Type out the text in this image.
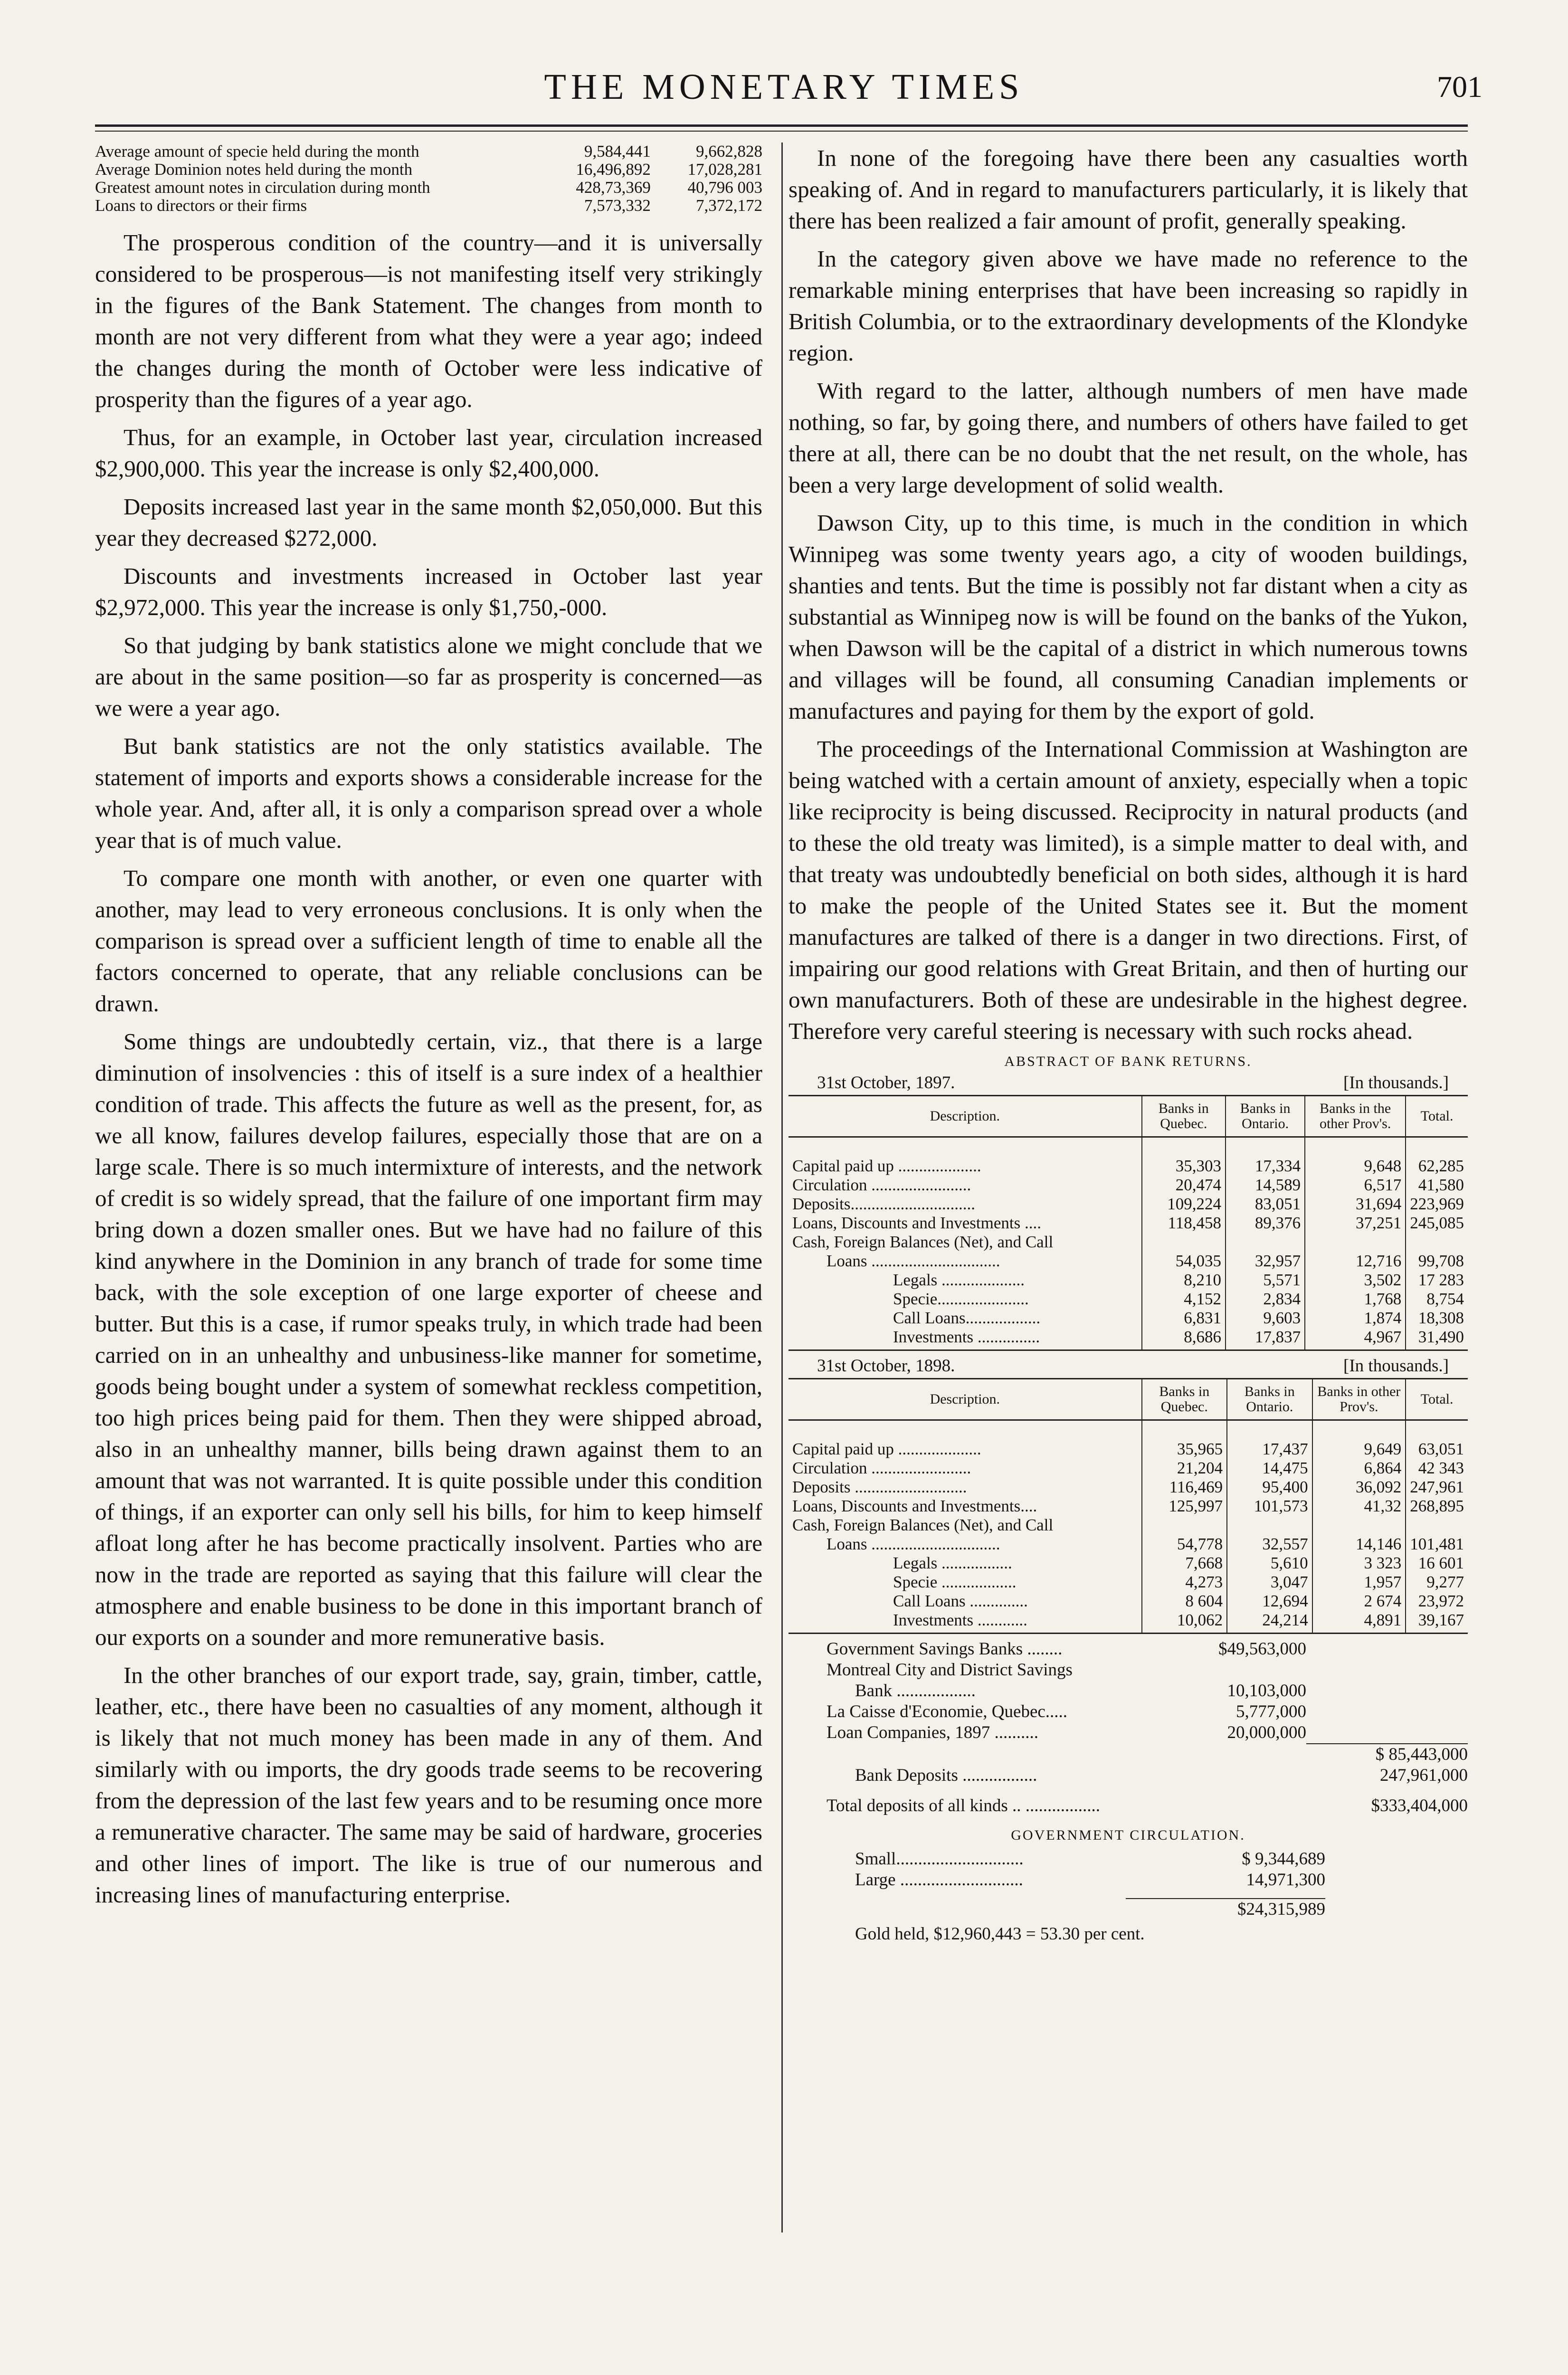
THE MONETARY TIMES	701
Average amount of specie held during the month	9,584,441	9,662,828
Average Dominion notes held during the month	16,496,892	17,028,281
Greatest amount notes in circulation during month	428,73,369	40,796 003
Loans to directors or their firms	7,573,332	7,372,172

The prosperous condition of the country—and it is universally considered to be prosperous—is not manifesting itself very strikingly in the figures of the Bank Statement. The changes from month to month are not very different from what they were a year ago; indeed the changes during the month of October were less indicative of prosperity than the figures of a year ago.

Thus, for an example, in October last year, circulation increased $2,900,000. This year the increase is only $2,400,000.

Deposits increased last year in the same month $2,050,000. But this year they decreased $272,000.

Discounts and investments increased in October last year $2,972,000. This year the increase is only $1,750,-000.

So that judging by bank statistics alone we might conclude that we are about in the same position—so far as prosperity is concerned—as we were a year ago.

But bank statistics are not the only statistics available. The statement of imports and exports shows a considerable increase for the whole year. And, after all, it is only a comparison spread over a whole year that is of much value.

To compare one month with another, or even one quarter with another, may lead to very erroneous conclusions. It is only when the comparison is spread over a sufficient length of time to enable all the factors concerned to operate, that any reliable conclusions can be drawn.

Some things are undoubtedly certain, viz., that there is a large diminution of insolvencies : this of itself is a sure index of a healthier condition of trade. This affects the future as well as the present, for, as we all know, failures develop failures, especially those that are on a large scale. There is so much intermixture of interests, and the network of credit is so widely spread, that the failure of one important firm may bring down a dozen smaller ones. But we have had no failure of this kind anywhere in the Dominion in any branch of trade for some time back, with the sole exception of one large exporter of cheese and butter. But this is a case, if rumor speaks truly, in which trade had been carried on in an unhealthy and unbusiness-like manner for sometime, goods being bought under a system of somewhat reckless competition, too high prices being paid for them. Then they were shipped abroad, also in an unhealthy manner, bills being drawn against them to an amount that was not warranted. It is quite possible under this condition of things, if an exporter can only sell his bills, for him to keep himself afloat long after he has become practically insolvent. Parties who are now in the trade are reported as saying that this failure will clear the atmosphere and enable business to be done in this important branch of our exports on a sounder and more remunerative basis.

In the other branches of our export trade, say, grain, timber, cattle, leather, etc., there have been no casualties of any moment, although it is likely that not much money has been made in any of them. And similarly with ou imports, the dry goods trade seems to be recovering from the depression of the last few years and to be resuming once more a remunerative character. The same may be said of hardware, groceries and other lines of import. The like is true of our numerous and increasing lines of manufacturing enterprise.

In none of the foregoing have there been any casualties worth speaking of. And in regard to manufacturers particularly, it is likely that there has been realized a fair amount of profit, generally speaking.

In the category given above we have made no reference to the remarkable mining enterprises that have been increasing so rapidly in British Columbia, or to the extraordinary developments of the Klondyke region.

With regard to the latter, although numbers of men have made nothing, so far, by going there, and numbers of others have failed to get there at all, there can be no doubt that the net result, on the whole, has been a very large development of solid wealth.

Dawson City, up to this time, is much in the condition in which Winnipeg was some twenty years ago, a city of wooden buildings, shanties and tents. But the time is possibly not far distant when a city as substantial as Winnipeg now is will be found on the banks of the Yukon, when Dawson will be the capital of a district in which numerous towns and villages will be found, all consuming Canadian implements or manufactures and paying for them by the export of gold.

The proceedings of the International Commission at Washington are being watched with a certain amount of anxiety, especially when a topic like reciprocity is being discussed. Reciprocity in natural products (and to these the old treaty was limited), is a simple matter to deal with, and that treaty was undoubtedly beneficial on both sides, although it is hard to make the people of the United States see it. But the moment manufactures are talked of there is a danger in two directions. First, of impairing our good relations with Great Britain, and then of hurting our own manufacturers. Both of these are undesirable in the highest degree. Therefore very careful steering is necessary with such rocks ahead.

ABSTRACT OF BANK RETURNS.
31st October, 1897.	[In thousands.]
Description.	Banks in Quebec.	Banks in Ontario.	Banks in the other Prov's.	Total.
Capital paid up ....................	35,303	17,334	9,648	62,285
Circulation ........................	20,474	14,589	6,517	41,580
Deposits..............................	109,224	83,051	31,694	223,969
Loans, Discounts and Investments ....	118,458	89,376	37,251	245,085
Cash, Foreign Balances (Net), and Call				
Loans ...............................	54,035	32,957	12,716	99,708
Legals ....................	8,210	5,571	3,502	17 283
Specie......................	4,152	2,834	1,768	8,754
Call Loans..................	6,831	9,603	1,874	18,308
Investments ...............	8,686	17,837	4,967	31,490
31st October, 1898.	[In thousands.]
Description.	Banks in Quebec.	Banks in Ontario.	Banks in other Prov's.	Total.
Capital paid up ....................	35,965	17,437	9,649	63,051
Circulation ........................	21,204	14,475	6,864	42 343
Deposits ...........................	116,469	95,400	36,092	247,961
Loans, Discounts and Investments....	125,997	101,573	41,32	268,895
Cash, Foreign Balances (Net), and Call				
Loans ...............................	54,778	32,557	14,146	101,481
Legals .................	7,668	5,610	3 323	16 601
Specie ..................	4,273	3,047	1,957	9,277
Call Loans ..............	8 604	12,694	2 674	23,972
Investments ............	10,062	24,214	4,891	39,167
Government Savings Banks ........	$49,563,000
Montreal City and District Savings
Bank ..................	10,103,000
La Caisse d'Economie, Quebec.....	5,777,000
Loan Companies, 1897 ..........	20,000,000
$ 85,443,000
Bank Deposits .................	247,961,000
Total deposits of all kinds .. .................	$333,404,000
GOVERNMENT CIRCULATION.
Small.............................	$ 9,344,689
Large ............................	14,971,300
$24,315,989
Gold held, $12,960,443 = 53.30 per cent.
